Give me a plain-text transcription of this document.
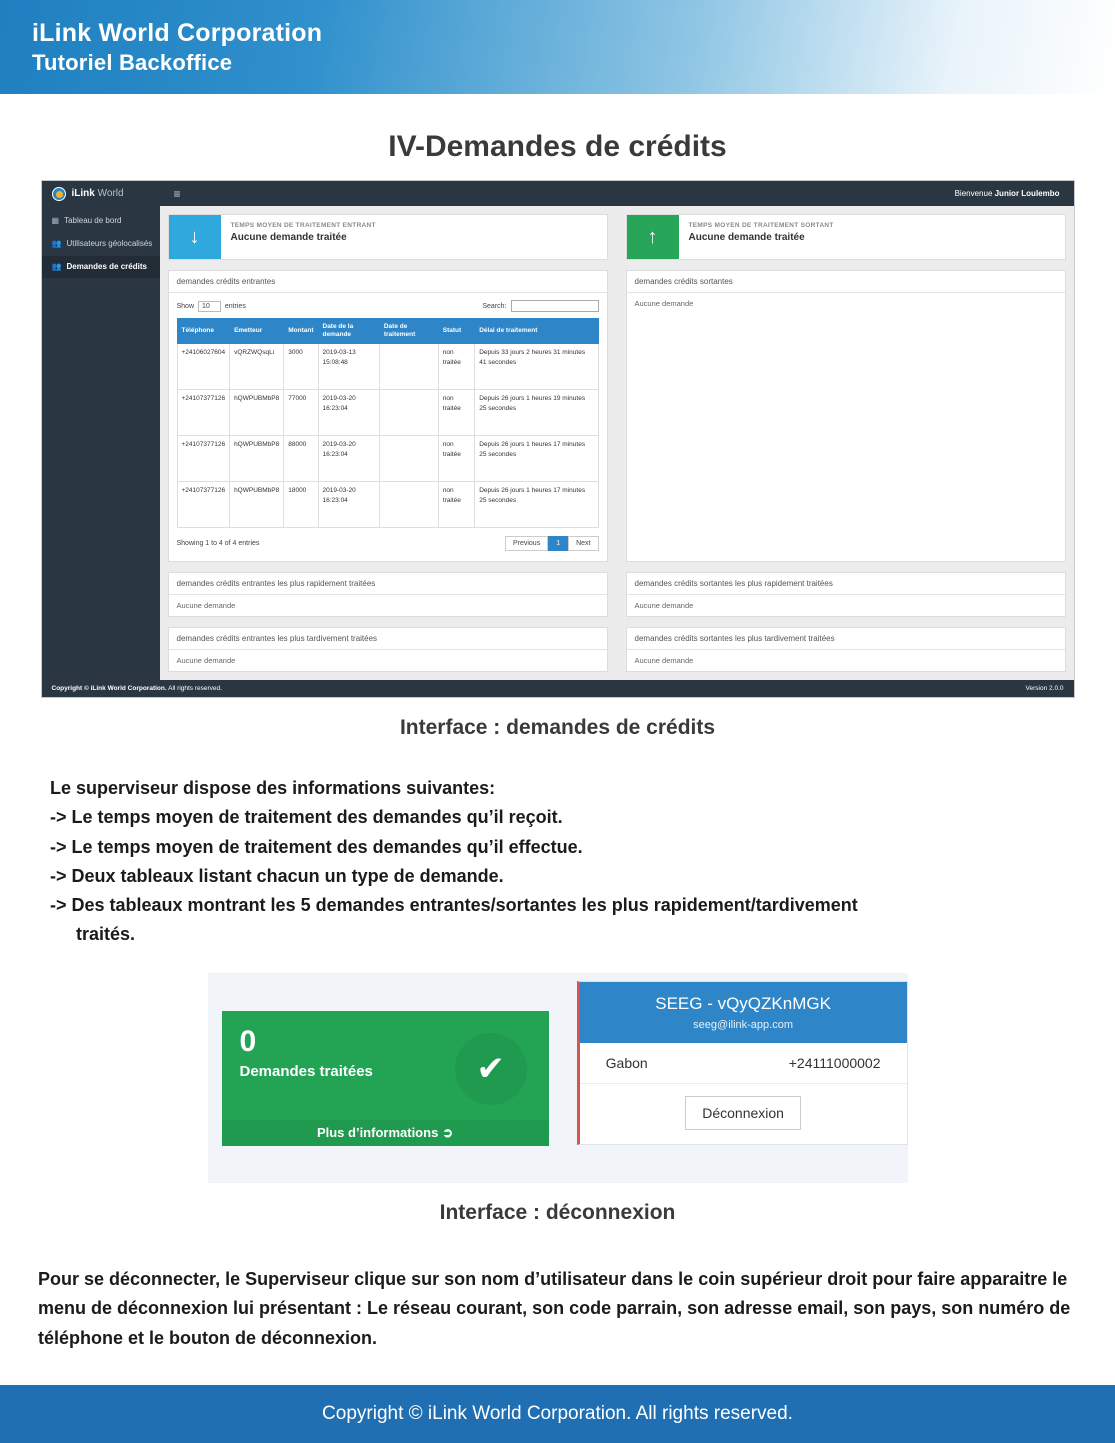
iLink World Corporation
Tutoriel Backoffice
IV-Demandes de crédits
iLink World	≡	Bienvenue Junior Loulembo
▦ Tableau de bord
👥 Utilisateurs géolocalisés
👥 Demandes de crédits
↓	TEMPS MOYEN DE TRAITEMENT ENTRANT
Aucune demande traitée	↑	TEMPS MOYEN DE TRAITEMENT SORTANT
Aucune demande traitée
demandes crédits entrantes
Show	10	entries	Search:
Téléphone	Emetteur	Montant	Date de la demande	Date de traitement	Statut	Délai de traitement
+24106027604	vQRZWQsqLi	3000	2019-03-13 15:08:48		non traitée	Depuis 33 jours 2 heures 31 minutes 41 secondes
+24107377126	hQWPUBMbP8	77000	2019-03-20 16:23:04		non traitée	Depuis 26 jours 1 heures 19 minutes 25 secondes
+24107377126	hQWPUBMbP8	88000	2019-03-20 16:23:04		non traitée	Depuis 26 jours 1 heures 17 minutes 25 secondes
+24107377126	hQWPUBMbP8	18000	2019-03-20 16:23:04		non traitée	Depuis 26 jours 1 heures 17 minutes 25 secondes
Showing 1 to 4 of 4 entries	Previous	1	Next
demandes crédits sortantes
Aucune demande
demandes crédits entrantes les plus rapidement traitées
Aucune demande
demandes crédits sortantes les plus rapidement traitées
Aucune demande
demandes crédits entrantes les plus tardivement traitées
Aucune demande
demandes crédits sortantes les plus tardivement traitées
Aucune demande
Copyright © iLink World Corporation. All rights reserved.	Version 2.0.0
Interface : demandes de crédits
Le superviseur dispose des informations suivantes:
-> Le temps moyen de traitement des demandes qu’il reçoit.
-> Le temps moyen de traitement des demandes qu’il effectue.
-> Deux tableaux listant chacun un type de demande.
-> Des tableaux montrant les 5 demandes entrantes/sortantes les plus rapidement/tardivement
traités.
0
Demandes traitées	✔
Plus d’informations ➲
SEEG - vQyQZKnMGK
seeg@ilink-app.com
Gabon	+24111000002
Déconnexion
Interface : déconnexion
Pour se déconnecter, le Superviseur clique sur son nom d’utilisateur dans le coin supérieur droit pour faire apparaitre le menu de déconnexion lui présentant : Le réseau courant, son code parrain, son adresse email, son pays, son numéro de téléphone et le bouton de déconnexion.
Copyright © iLink World Corporation. All rights reserved.
